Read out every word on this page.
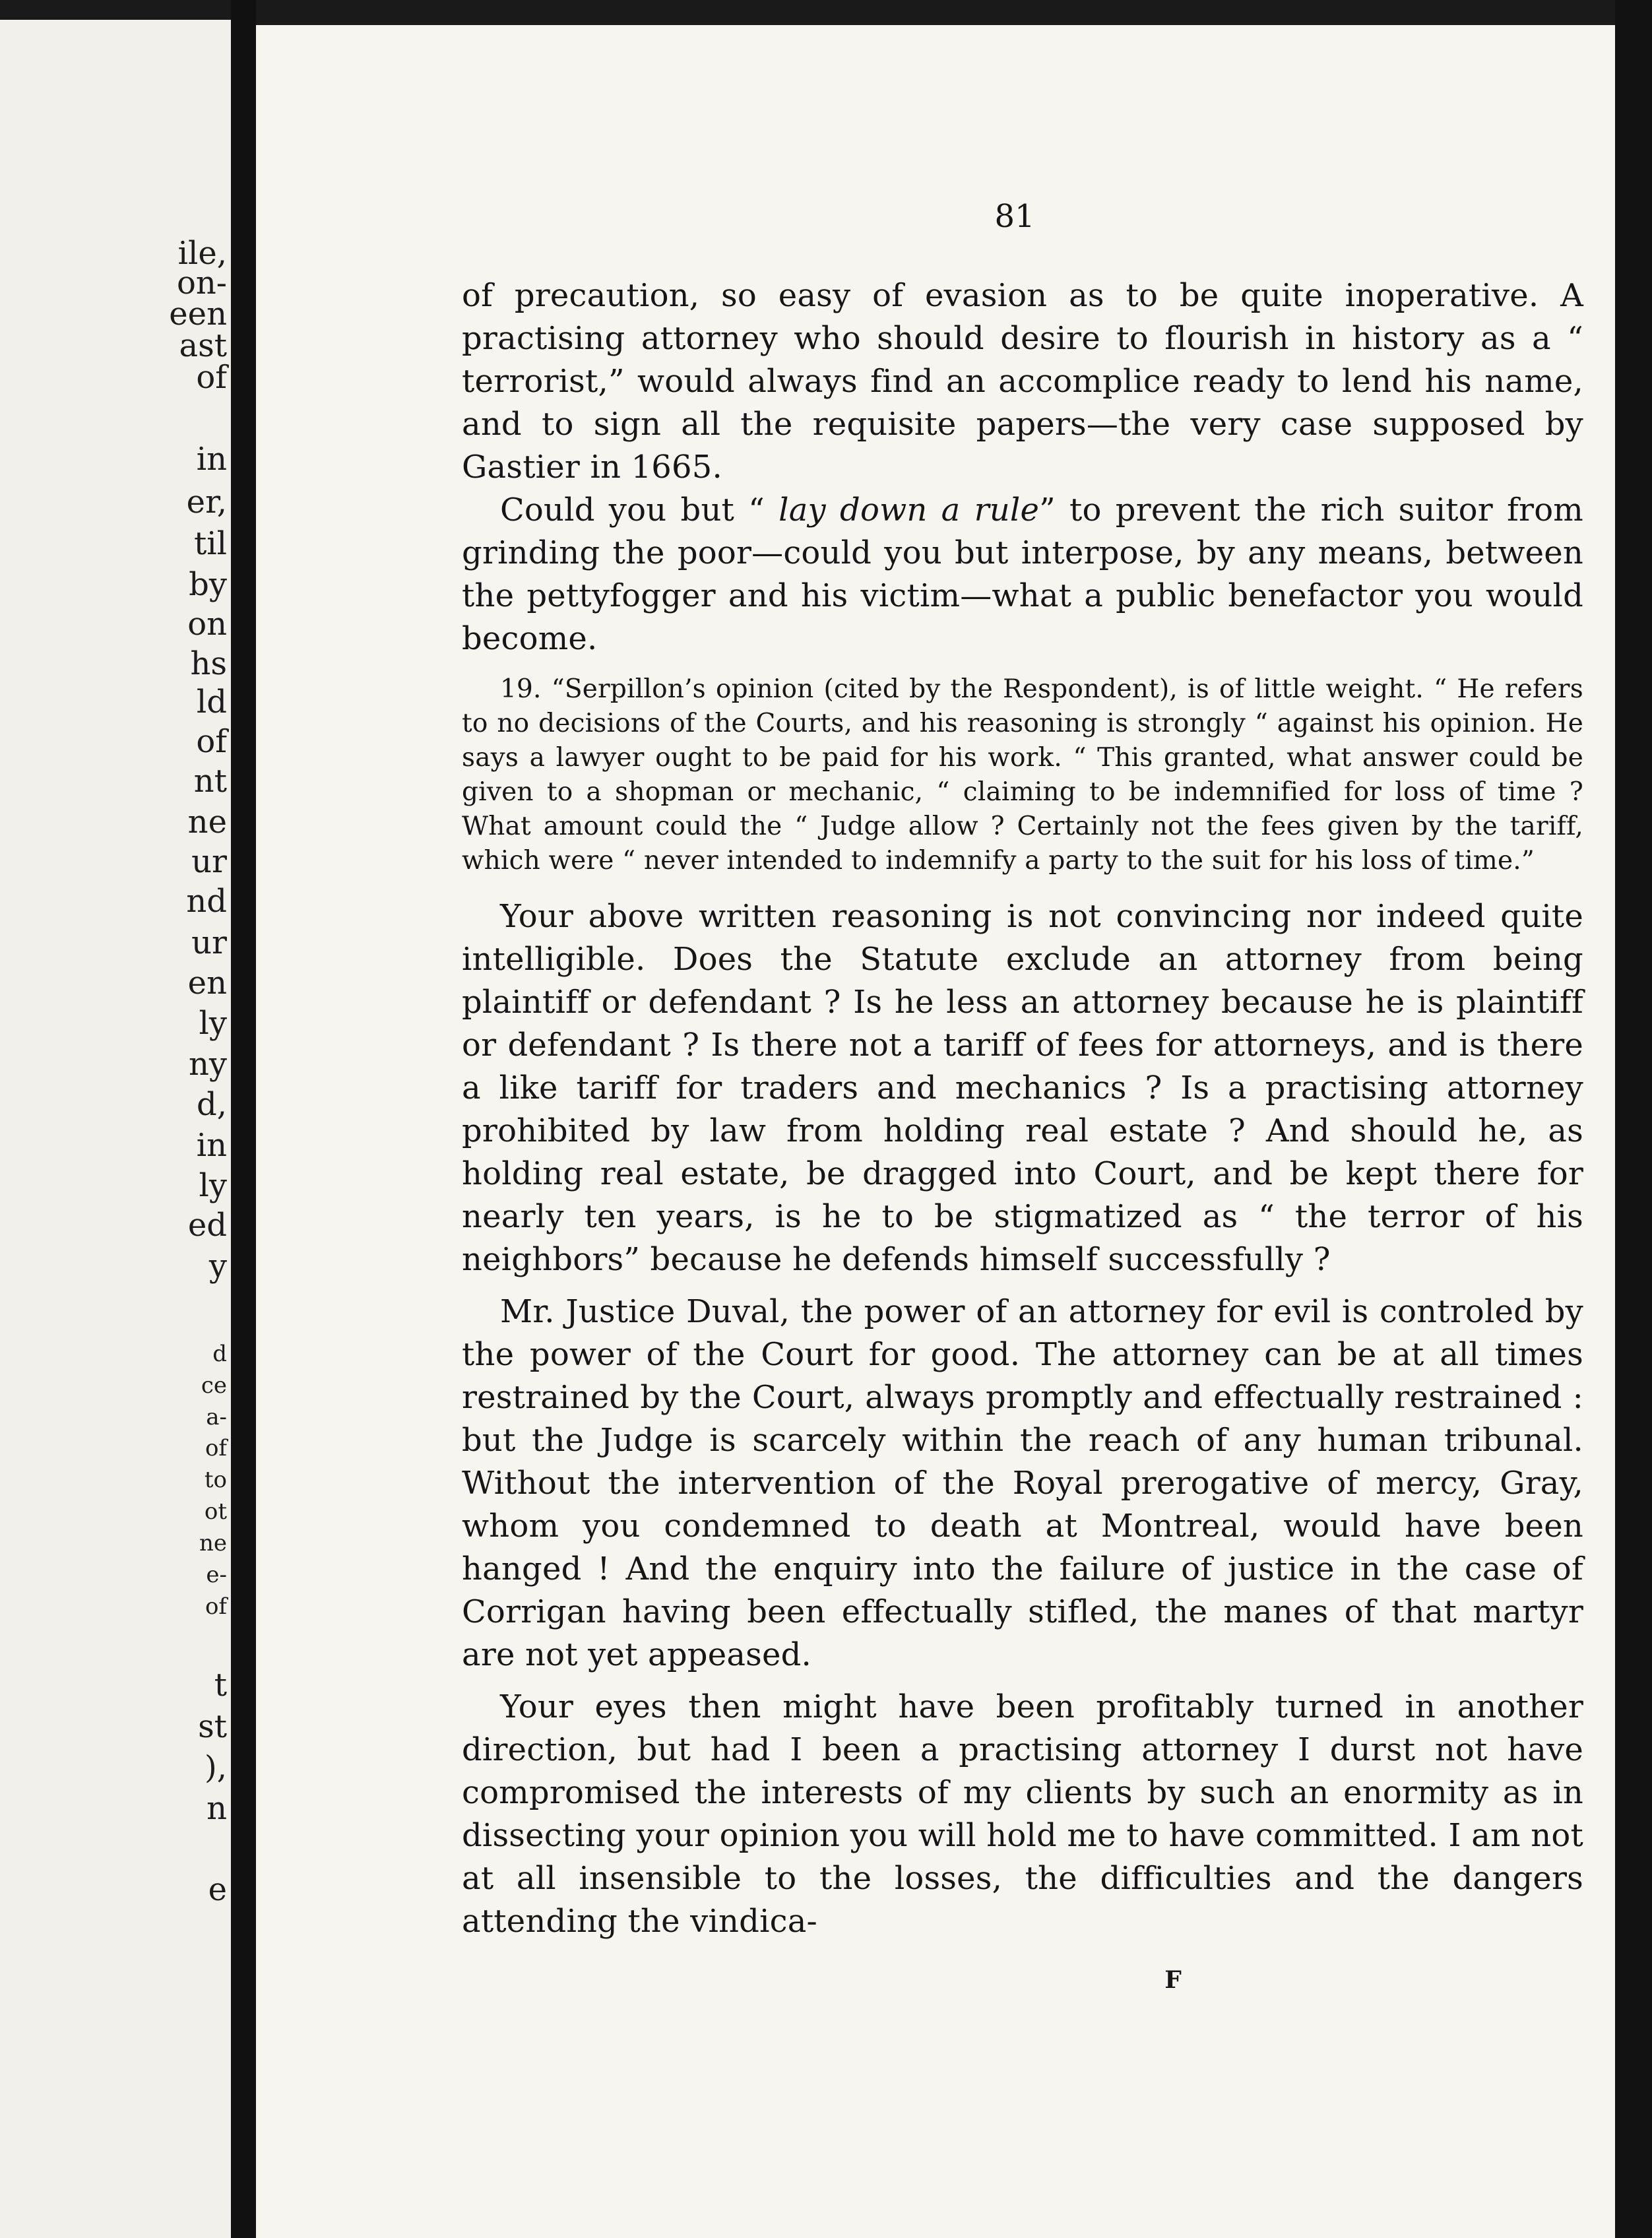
ile,
on-
een
ast
of
in
er,
til
by
on
hs
ld
of
nt
ne
ur
nd
ur
en
ly
ny
d,
in
ly
ed
y
d
ce
a-
of
to
ot
ne
e-
of
t
st
),
n
e
81

of precaution, so easy of evasion as to be quite inoperative. A practising attorney who should desire to flourish in history as a “ terrorist,” would always find an accomplice ready to lend his name, and to sign all the requisite papers—the very case supposed by Gastier in 1665.

Could you but “ lay down a rule” to prevent the rich suitor from grinding the poor—could you but interpose, by any means, between the pettyfogger and his victim—what a public benefactor you would become.

19. “Serpillon’s opinion (cited by the Respondent), is of little weight. “ He refers to no decisions of the Courts, and his reasoning is strongly “ against his opinion. He says a lawyer ought to be paid for his work. “ This granted, what answer could be given to a shopman or mechanic, “ claiming to be indemnified for loss of time ? What amount could the “ Judge allow ? Certainly not the fees given by the tariff, which were “ never intended to indemnify a party to the suit for his loss of time.”

Your above written reasoning is not convincing nor indeed quite intelligible. Does the Statute exclude an attorney from being plaintiff or defendant ? Is he less an attorney because he is plaintiff or defendant ? Is there not a tariff of fees for attorneys, and is there a like tariff for traders and mechanics ? Is a practising attorney prohibited by law from holding real estate ? And should he, as holding real estate, be dragged into Court, and be kept there for nearly ten years, is he to be stigmatized as “ the terror of his neighbors” because he defends himself successfully ?

Mr. Justice Duval, the power of an attorney for evil is controled by the power of the Court for good. The attorney can be at all times restrained by the Court, always promptly and effectually restrained : but the Judge is scarcely within the reach of any human tribunal. Without the intervention of the Royal prerogative of mercy, Gray, whom you condemned to death at Montreal, would have been hanged ! And the enquiry into the failure of justice in the case of Corrigan having been effectually stifled, the manes of that martyr are not yet appeased.

Your eyes then might have been profitably turned in another direction, but had I been a practising attorney I durst not have compromised the interests of my clients by such an enormity as in dissecting your opinion you will hold me to have committed. I am not at all insensible to the losses, the difficulties and the dangers attending the vindica-

F
